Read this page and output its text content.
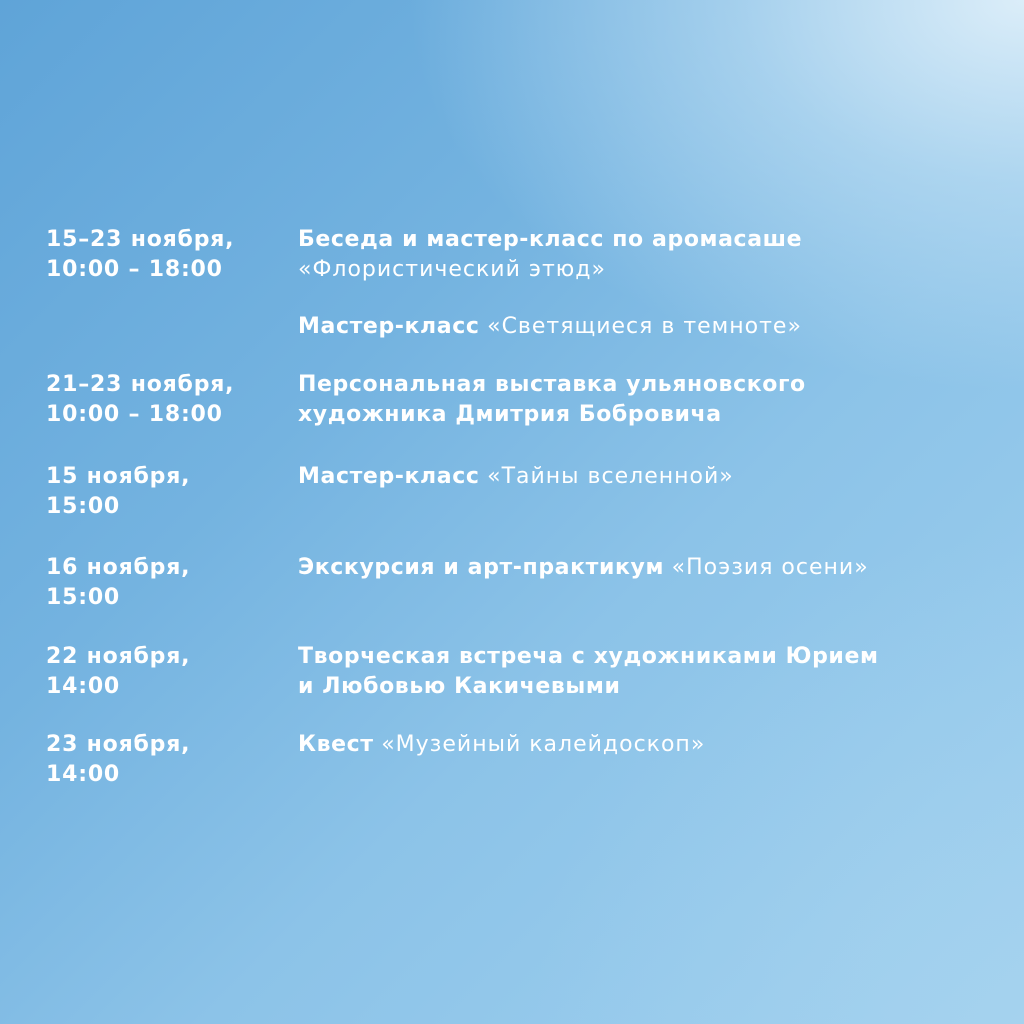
15–23 ноября,
10:00 – 18:00
Беседа и мастер-класс по аромасаше
«Флористический этюд»
Мастер-класс «Светящиеся в темноте»
21–23 ноября,
10:00 – 18:00
Персональная выставка ульяновского
художника Дмитрия Бобровича
15 ноября,
15:00
Мастер-класс «Тайны вселенной»
16 ноября,
15:00
Экскурсия и арт-практикум «Поэзия осени»
22 ноября,
14:00
Творческая встреча с художниками Юрием
и Любовью Какичевыми
23 ноября,
14:00
Квест «Музейный калейдоскоп»
